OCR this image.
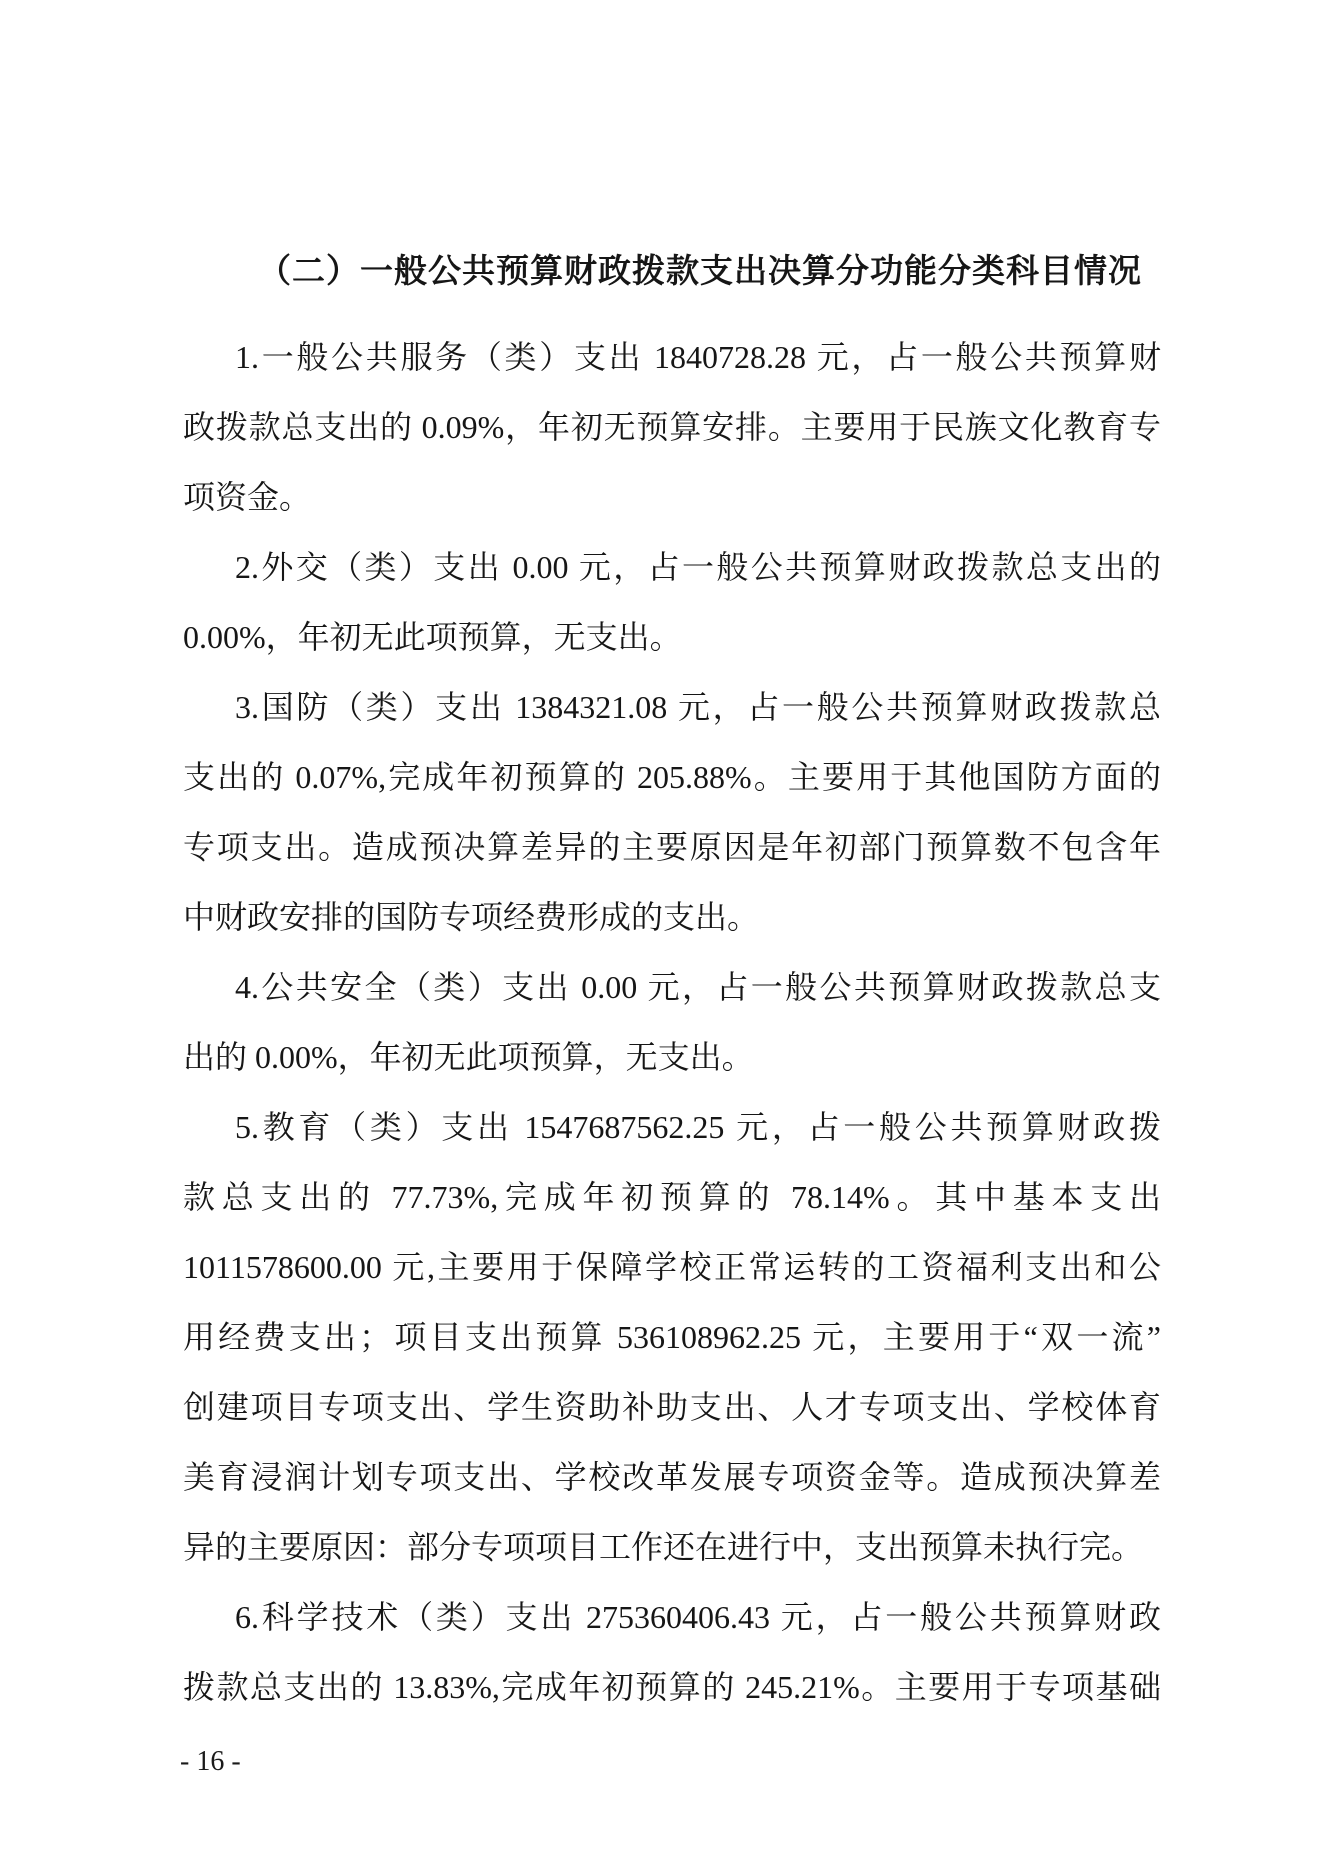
（二）一般公共预算财政拨款支出决算分功能分类科目情况
1.一般公共服务（类）支出 1840728.28 元，占一般公共预算财
政拨款总支出的 0.09%，年初无预算安排。主要用于民族文化教育专
项资金。
2.外交（类）支出 0.00 元，占一般公共预算财政拨款总支出的
0.00%，年初无此项预算，无支出。
3.国防（类）支出 1384321.08 元，占一般公共预算财政拨款总
支出的 0.07%,完成年初预算的 205.88%。主要用于其他国防方面的
专项支出。造成预决算差异的主要原因是年初部门预算数不包含年
中财政安排的国防专项经费形成的支出。
4.公共安全（类）支出 0.00 元，占一般公共预算财政拨款总支
出的 0.00%，年初无此项预算，无支出。
5.教育（类）支出 1547687562.25 元，占一般公共预算财政拨
款总支出的 77.73%,完成年初预算的 78.14%。其中基本支出
1011578600.00 元,主要用于保障学校正常运转的工资福利支出和公
用经费支出；项目支出预算 536108962.25 元，主要用于“双一流”
创建项目专项支出、学生资助补助支出、人才专项支出、学校体育
美育浸润计划专项支出、学校改革发展专项资金等。造成预决算差
异的主要原因：部分专项项目工作还在进行中，支出预算未执行完。
6.科学技术（类）支出 275360406.43 元，占一般公共预算财政
拨款总支出的 13.83%,完成年初预算的 245.21%。主要用于专项基础
- 16 -
